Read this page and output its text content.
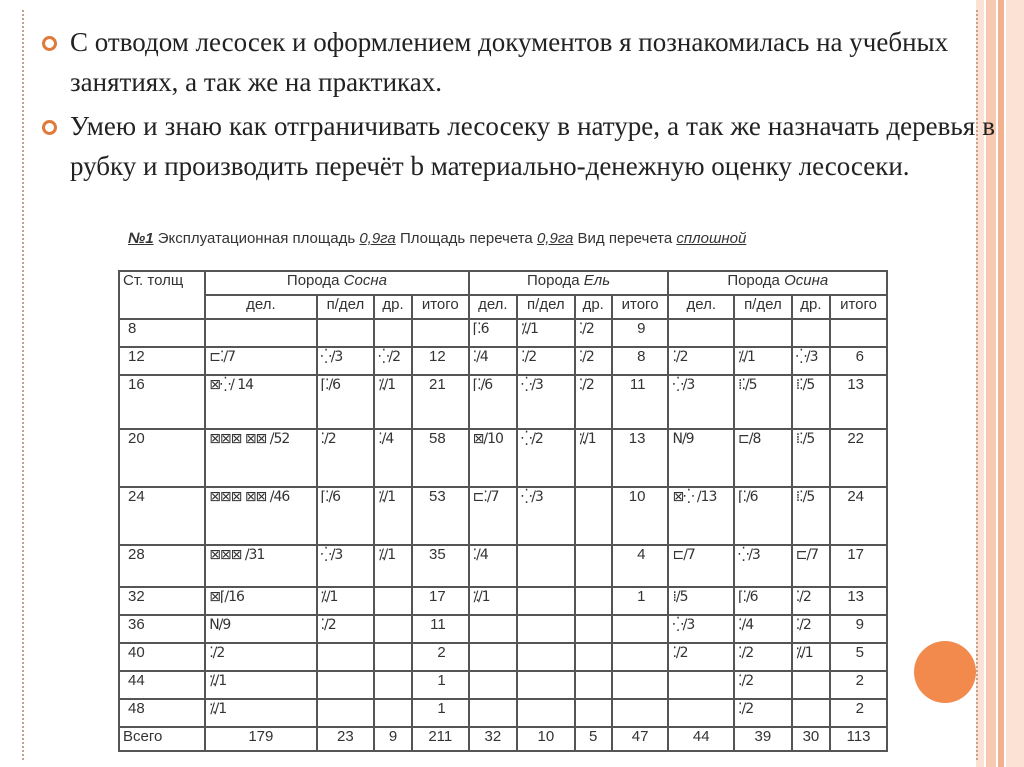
С отводом лесосек и оформлением документов я познакомилась на учебных занятиях, а так же на практиках.
Умею и знаю как отграничивать лесосеку в натуре, а так же назначать деревья в рубку и производить перечёт b материально-денежную оценку лесосеки.
№1 Эксплуатационная площадь 0,9га Площадь перечета 0,9га Вид перечета сплошной
Ст. толщ	Порода Сосна				Порода Ель				Порода Осина			
	дел.	п/дел	др.	итого	дел.	п/дел	др.	итого	дел.	п/дел	др.	итого
8					⌈⁚6	⁒/1	⁚/2	9				
12	⊏⁚/7	⁛/3	⁛/2	12	⁚/4	⁚/2	⁚/2	8	⁚/2	⁒/1	⁛/3	6
16	⊠⁛/ 14	⌈⁚/6	⁒/1	21	⌈⁚/6	⁛/3	⁚/2	11	⁛/3	⁞⁚/5	⁞⁚/5	13
20	⊠⊠⊠ ⊠⊠ /52	⁚/2	⁚/4	58	⊠/10	⁛/2	⁒/1	13	N/9	⊏/8	⁞⁚/5	22
24	⊠⊠⊠ ⊠⊠ /46	⌈⁚/6	⁒/1	53	⊏⁚/7	⁛/3		10	⊠⁛ /13	⌈⁚/6	⁞⁚/5	24
28	⊠⊠⊠ /31	⁛/3	⁒/1	35	⁚/4			4	⊏/7	⁛/3	⊏/7	17
32	⊠⌈/16	⁒/1		17	⁒/1			1	⁞/5	⌈⁚/6	⁚/2	13
36	N/9	⁚/2		11					⁛/3	⁚/4	⁚/2	9
40	⁚/2			2					⁚/2	⁚/2	⁒/1	5
44	⁒/1			1						⁚/2		2
48	⁒/1			1						⁚/2		2
Всего	179	23	9	211	32	10	5	47	44	39	30	113
